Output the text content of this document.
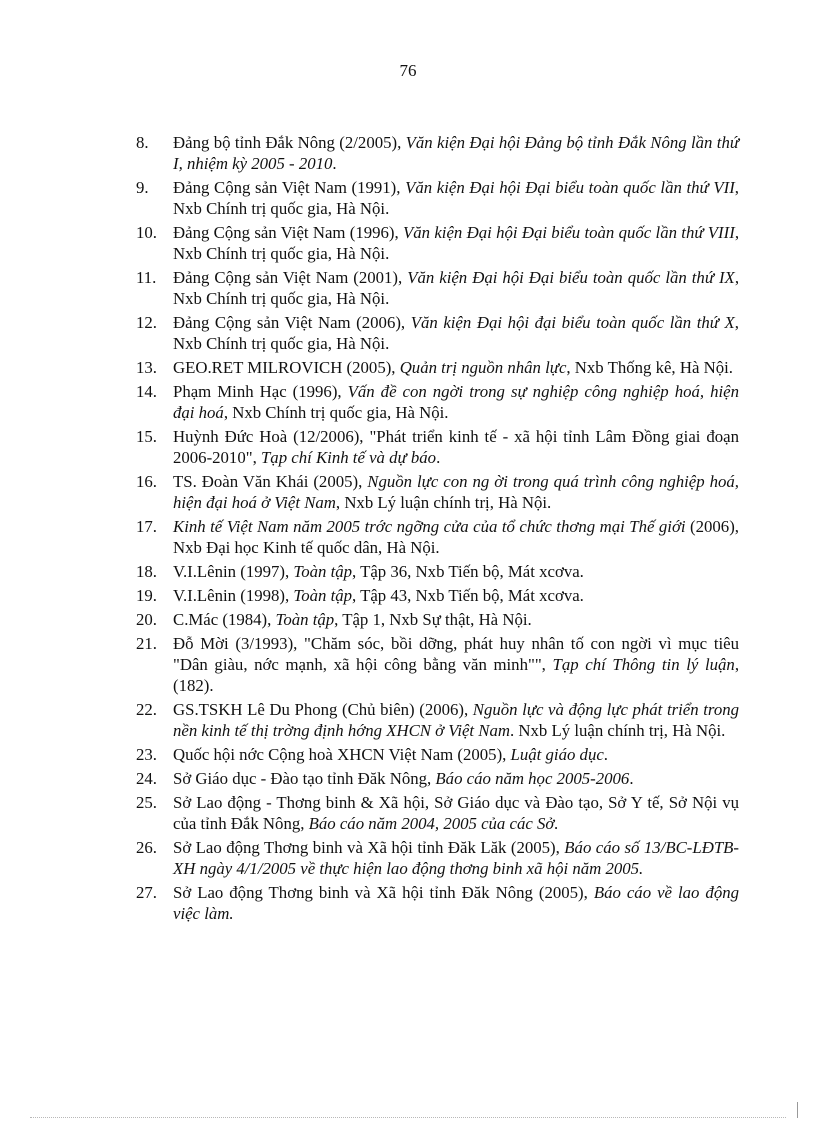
76
8. Đảng bộ tỉnh Đắk Nông (2/2005), Văn kiện Đại hội Đảng bộ tỉnh Đắk Nông lần thứ I, nhiệm kỳ 2005 - 2010.
9. Đảng Cộng sản Việt Nam (1991), Văn kiện Đại hội Đại biểu toàn quốc lần thứ VII, Nxb Chính trị quốc gia, Hà Nội.
10. Đảng Cộng sản Việt Nam (1996), Văn kiện Đại hội Đại biểu toàn quốc lần thứ VIII, Nxb Chính trị quốc gia, Hà Nội.
11. Đảng Cộng sản Việt Nam (2001), Văn kiện Đại hội Đại biểu toàn quốc lần thứ IX, Nxb Chính trị quốc gia, Hà Nội.
12. Đảng Cộng sản Việt Nam (2006), Văn kiện Đại hội đại biểu toàn quốc lần thứ X, Nxb Chính trị quốc gia, Hà Nội.
13. GEO.RET MILROVICH (2005), Quản trị nguồn nhân lực, Nxb Thống kê, Hà Nội.
14. Phạm Minh Hạc (1996), Vấn đề con ngời trong sự nghiệp công nghiệp hoá, hiện đại hoá, Nxb Chính trị quốc gia, Hà Nội.
15. Huỳnh Đức Hoà (12/2006), "Phát triển kinh tế - xã hội tỉnh Lâm Đồng giai đoạn 2006-2010", Tạp chí Kinh tế và dự báo.
16. TS. Đoàn Văn Khái (2005), Nguồn lực con ng ời trong quá trình công nghiệp hoá, hiện đại hoá ở Việt Nam, Nxb Lý luận chính trị, Hà Nội.
17. Kinh tế Việt Nam năm 2005 trớc ngỡng cửa của tổ chức thơng mại Thế giới (2006), Nxb Đại học Kinh tế quốc dân, Hà Nội.
18. V.I.Lênin (1997), Toàn tập, Tập 36, Nxb Tiến bộ, Mát xcơva.
19. V.I.Lênin (1998), Toàn tập, Tập 43, Nxb Tiến bộ, Mát xcơva.
20. C.Mác (1984), Toàn tập, Tập 1, Nxb Sự thật, Hà Nội.
21. Đỗ Mời (3/1993), "Chăm sóc, bồi dỡng, phát huy nhân tố con ngời vì mục tiêu "Dân giàu, nớc mạnh, xã hội công bằng văn minh"", Tạp chí Thông tin lý luận, (182).
22. GS.TSKH Lê Du Phong (Chủ biên) (2006), Nguồn lực và động lực phát triển trong nền kinh tế thị trờng định hớng XHCN ở Việt Nam. Nxb Lý luận chính trị, Hà Nội.
23. Quốc hội nớc Cộng hoà XHCN Việt Nam (2005), Luật giáo dục.
24. Sở Giáo dục - Đào tạo tỉnh Đăk Nông, Báo cáo năm học 2005-2006.
25. Sở Lao động - Thơng binh & Xã hội, Sở Giáo dục và Đào tạo, Sở Y tế, Sở Nội vụ của tỉnh Đắk Nông, Báo cáo năm 2004, 2005 của các Sở.
26. Sở Lao động Thơng binh và Xã hội tỉnh Đăk Lăk (2005), Báo cáo số 13/BC-LĐTB-XH ngày 4/1/2005 về thực hiện lao động thơng binh xã hội năm 2005.
27. Sở Lao động Thơng binh và Xã hội tỉnh Đăk Nông (2005), Báo cáo về lao động việc làm.
